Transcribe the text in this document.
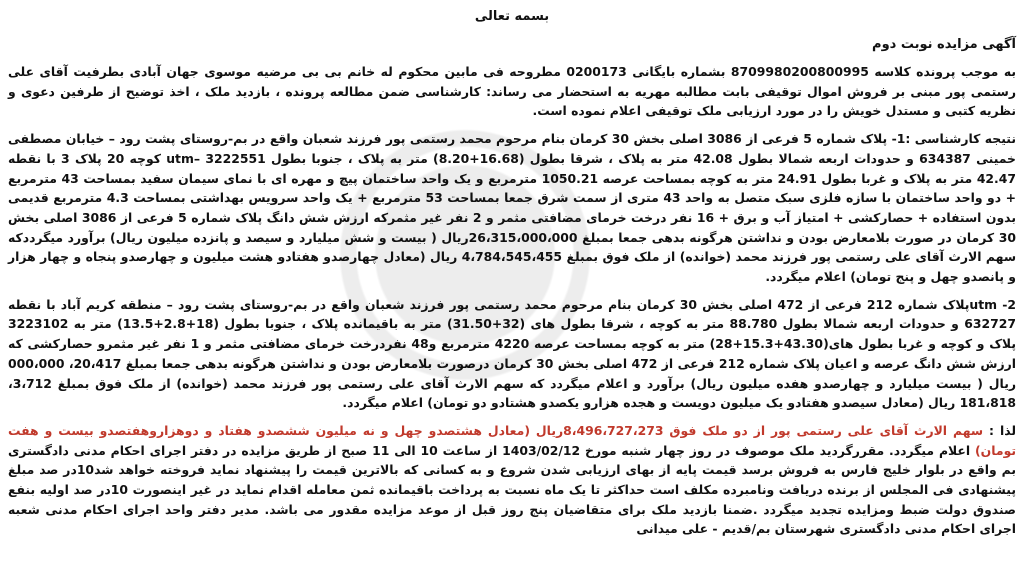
بسمه تعالی
آگهی مزایده نوبت دوم

به موجب پرونده کلاسه 8709980200800995 بشماره بایگانی 0200173 مطروحه فی مابین محکوم له خانم بی بی مرضیه موسوی جهان آبادی بطرفیت آقای علی رستمی پور مبنی بر فروش اموال توقیفی بابت مطالبه مهریه به استحضار می رساند: کارشناسی ضمن مطالعه پرونده ، بازدید ملک ، اخذ توضیح از طرفین دعوی و نظریه کتبی و مستدل خویش را در مورد ارزیابی ملک توقیفی اعلام نموده است.

نتیجه کارشناسی :1- پلاک شماره 5 فرعی از 3086 اصلی بخش 30 کرمان بنام مرحوم محمد رستمی پور فرزند شعبان واقع در بم-روستای پشت رود – خیابان مصطفی خمینی 634387 و حدودات اربعه شمالا بطول 42.08 متر به پلاک ، شرقا بطول (16.68+8.20) متر به پلاک ، جنوبا بطول utm– 3222551 کوچه 20 پلاک 3 با نقطه 42.47 متر به پلاک و غربا بطول 24.91 متر به کوچه بمساحت عرصه 1050.21 مترمربع و یک واحد ساختمان پیچ و مهره ای با نمای سیمان سفید بمساحت 43 مترمربع + دو واحد ساختمان با سازه فلزی سبک متصل به واحد 43 متری از سمت شرق جمعا بمساحت 53 مترمربع + یک واحد سرویس بهداشتی بمساحت 4.3 مترمربع قدیمی بدون استفاده + حصارکشی + امتیاز آب و برق + 16 نفر درخت خرمای مضافتی مثمر و 2 نفر غیر مثمرکه ارزش شش دانگ پلاک شماره 5 فرعی از 3086 اصلی بخش 30 کرمان در صورت بلامعارض بودن و نداشتن هرگونه بدهی جمعا بمبلغ 26،315،000،000ریال ( بیست و شش میلیارد و سیصد و پانزده میلیون ریال) برآورد میگرددکه سهم الارث آقای علی رستمی پور فرزند محمد (خوانده) از ملک فوق بمبلغ 4،784،545،455 ریال (معادل چهارصدو هفتادو هشت میلیون و چهارصدو پنجاه و چهار هزار و پانصدو چهل و پنج تومان) اعلام میگردد.

2- utmپلاک شماره 212 فرعی از 472 اصلی بخش 30 کرمان بنام مرحوم محمد رستمی پور فرزند شعبان واقع در بم-روستای پشت رود – منطقه کریم آباد با نقطه 632727 و حدودات اربعه شمالا بطول 88.780 متر به کوچه ، شرقا بطول های (32+31.50) متر به باقیمانده پلاک ، جنوبا بطول (18+2.8+13.5) متر به 3223102 پلاک و کوچه و غربا بطول های(43.30+15.3+28) متر به کوچه بمساحت عرصه 4220 مترمربع و48 نفردرخت خرمای مضافتی مثمر و 1 نفر غیر مثمرو حصارکشی که ارزش شش دانگ عرصه و اعیان پلاک شماره 212 فرعی از 472 اصلی بخش 30 کرمان درصورت بلامعارض بودن و نداشتن هرگونه بدهی جمعا بمبلغ 20،417، 000،000 ریال ( بیست میلیارد و چهارصدو هفده میلیون ریال) برآورد و اعلام میگردد که سهم الارث آقای علی رستمی پور فرزند محمد (خوانده) از ملک فوق بمبلغ 3،712، 181،818 ریال (معادل سیصدو هفتادو یک میلیون دویست و هجده هزارو یکصدو هشتادو دو تومان) اعلام میگردد.

لذا : سهم الارث آقای علی رستمی پور از دو ملک فوق 8،496،727،273ریال (معادل هشتصدو چهل و نه میلیون ششصدو هفتاد و دوهزاروهفتصدو بیست و هفت تومان) اعلام میگردد. مقررگردید ملک موصوف در روز چهار شنبه مورخ 1403/02/12 از ساعت 10 الی 11 صبح از طریق مزایده در دفتر اجرای احکام مدنی دادگستری بم واقع در بلوار خلیج فارس به فروش برسد قیمت پایه از بهای ارزیابی شدن شروع و به کسانی که بالاترین قیمت را پیشنهاد نماید فروخته خواهد شد10در صد مبلغ پیشنهادی فی المجلس از برنده دریافت ونامبرده مکلف است حداکثر تا یک ماه نسبت به پرداخت باقیمانده ثمن معامله اقدام نماید در غیر اینصورت 10در صد اولیه بنفع صندوق دولت ضبط ومزایده تجدید میگردد .ضمنا بازدید ملک برای متقاضیان پنج روز قبل از موعد مزایده مقدور می باشد. مدیر دفتر واحد اجرای احکام مدنی شعبه اجرای احکام مدنی دادگستری شهرستان بم/قدیم - علی میدانی
